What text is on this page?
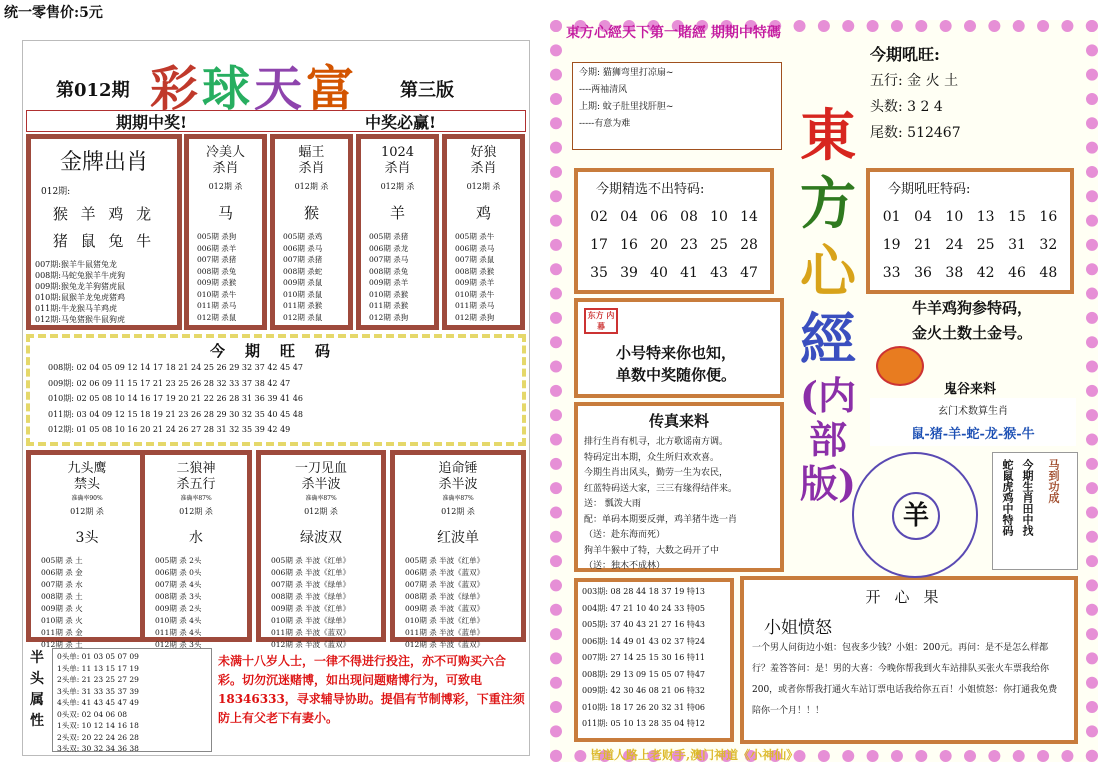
统一零售价:5元
第012期 彩球天富 第三版
期期中奖!	中奖必赢!
金牌出肖
012期:
猴 羊 鸡 龙
猪 鼠 兔 牛
007期:猴羊牛鼠猪兔龙
008期:马蛇兔猴羊牛虎狗
009期:猴兔龙羊狗猪虎鼠
010期:鼠猴羊龙兔虎猪鸡
011期:牛龙猴马羊鸡虎
012期:马兔猪猴牛鼠狗虎
冷美人
杀肖
012期 杀
马
005期 杀狗
006期 杀羊
007期 杀猪
008期 杀兔
009期 杀猴
010期 杀牛
011期 杀马
012期 杀鼠
蝠王
杀肖
012期 杀
猴
005期 杀鸡
006期 杀马
007期 杀猪
008期 杀蛇
009期 杀鼠
010期 杀鼠
011期 杀猴
012期 杀鼠
1024
杀肖
012期 杀
羊
005期 杀猪
006期 杀龙
007期 杀马
008期 杀兔
009期 杀羊
010期 杀猴
011期 杀猴
012期 杀狗
好狼
杀肖
012期 杀
鸡
005期 杀牛
006期 杀马
007期 杀鼠
008期 杀猴
009期 杀羊
010期 杀牛
011期 杀马
012期 杀狗
今期旺码
008期: 02 04 05 09 12 14 17 18 21 24 25 26 29 32 37 42 45 47
009期: 02 06 09 11 15 17 21 23 25 26 28 32 33 37 38 42 47
010期: 02 05 08 10 14 16 17 19 20 21 22 26 28 31 36 39 41 46
011期: 03 04 09 12 15 18 19 21 23 26 28 29 30 32 35 40 45 48
012期: 01 05 08 10 16 20 21 24 26 27 28 31 32 35 39 42 49
九头鹰
禁头
准确率90%
012期 杀
3头
005期 杀 土
006期 杀 金
007期 杀 水
008期 杀 土
009期 杀 火
010期 杀 火
011期 杀 金
012期 杀 土
二狼神
杀五行
准确率87%
012期 杀
水
005期 杀 2头
006期 杀 0头
007期 杀 4头
008期 杀 3头
009期 杀 2头
010期 杀 4头
011期 杀 4头
012期 杀 3头
一刀见血
杀半波
准确率87%
012期 杀
绿波双
005期 杀 半波《红单》
006期 杀 半波《红单》
007期 杀 半波《绿单》
008期 杀 半波《绿单》
009期 杀 半波《红单》
010期 杀 半波《绿单》
011期 杀 半波《蓝双》
012期 杀 半波《蓝双》
追命锤
杀半波
准确率87%
012期 杀
红波单
005期 杀 半波《红单》
006期 杀 半波《蓝双》
007期 杀 半波《蓝双》
008期 杀 半波《绿单》
009期 杀 半波《蓝双》
010期 杀 半波《红单》
011期 杀 半波《蓝单》
012期 杀 半波《蓝双》
半头属性
0头单: 01 03 05 07 09
1头单: 11 13 15 17 19
2头单: 21 23 25 27 29
3头单: 31 33 35 37 39
4头单: 41 43 45 47 49
0头双: 02 04 06 08
1头双: 10 12 14 16 18
2头双: 20 22 24 26 28
3头双: 30 32 34 36 38
未满十八岁人士，一律不得进行投注，亦不可购买六合彩。切勿沉迷赌博，如出现问题赌博行为，可致电18346333，寻求辅导协助。提倡有节制博彩，下重注须防上有父老下有妻小。
東方心經天下第一賭經 期期中特碼
今期: 猫狮弯里打凉扇~
----两袖清风
上期: 蚊子肚里找肝胆~
-----有意为难
今期精选不出特码:
02 04 06 08 10 14
17 16 20 23 25 28
35 39 40 41 43 47
东方 内幕
小号特来你也知，
单数中奖随你便。
传真来料
排行生肖有机寻，北方歌谣南方调。
特码定出本期，众生所归欢欢喜。
今期生肖出风头，勤劳一生为农民，
红蓝特码送大家，三三有缘得结伴来。
送： 瓢泼大雨
配：单码本期要反弹，鸡羊猪牛选一肖
（送：赴东海而死）
狗羊牛猴中了特，大数之码开了中
（送：独木不成林）
003期: 08 28 44 18 37 19 特13
004期: 47 21 10 40 24 33 特05
005期: 37 40 43 21 27 16 特43
006期: 14 49 01 43 02 37 特24
007期: 27 14 25 15 30 16 特11
008期: 29 13 09 15 05 07 特47
009期: 42 30 46 08 21 06 特32
010期: 18 17 26 20 32 31 特06
011期: 05 10 13 28 35 04 特12
开心果
小姐愤怒
一个男人问街边小姐：包夜多少钱？小姐：200元。再问：是不是怎么样都行？羞答答问：是！男的大喜：今晚你帮我到火车站排队买张火车票我给你200，或者你帮我打通火车站订票电话我给你五百！小姐愤怒：你打通我免费陪你一个月！！！
東
方
心
經
(内部版)
今期吼旺:
五行: 金 火 土
头数: 3 2 4
尾数: 512467
今期吼旺特码:
01 04 10 13 15 16
19 21 24 25 31 32
33 36 38 42 46 48
牛羊鸡狗参特码，
金火土数土金号。
鬼谷来料
玄门术数算生肖
鼠-猪-羊-蛇-龙-猴-牛
羊	蛇鼠虎鸡中特码 今期生肖田中找 马到功成
皆道人路上老财手,澳门神道《小神仙》
